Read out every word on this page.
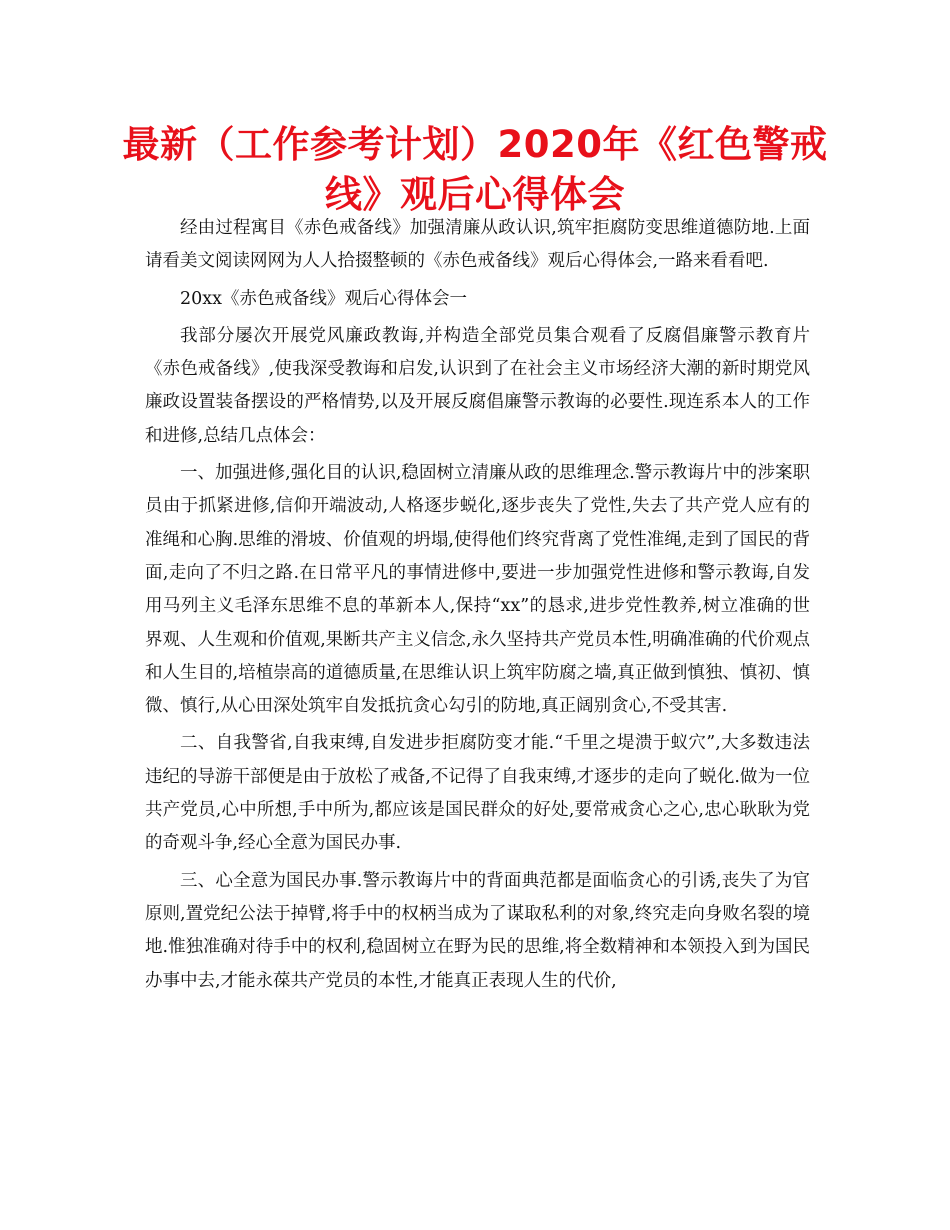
最新（工作参考计划）2020年《红色警戒线》观后心得体会

经由过程寓目《赤色戒备线》加强清廉从政认识,筑牢拒腐防变思维道德防地.上面请看美文阅读网网为人人拾掇整顿的《赤色戒备线》观后心得体会,一路来看看吧.

20xx《赤色戒备线》观后心得体会一

我部分屡次开展党风廉政教诲,并构造全部党员集合观看了反腐倡廉警示教育片《赤色戒备线》,使我深受教诲和启发,认识到了在社会主义市场经济大潮的新时期党风廉政设置装备摆设的严格情势,以及开展反腐倡廉警示教诲的必要性.现连系本人的工作和进修,总结几点体会：

一、加强进修,强化目的认识,稳固树立清廉从政的思维理念.警示教诲片中的涉案职员由于抓紧进修,信仰开端波动,人格逐步蜕化,逐步丧失了党性,失去了共产党人应有的准绳和心胸.思维的滑坡、价值观的坍塌,使得他们终究背离了党性准绳,走到了国民的背面,走向了不归之路.在日常平凡的事情进修中,要进一步加强党性进修和警示教诲,自发用马列主义毛泽东思维不息的革新本人,保持“xx”的恳求,进步党性教养,树立准确的世界观、人生观和价值观,果断共产主义信念,永久坚持共产党员本性,明确准确的代价观点和人生目的,培植崇高的道德质量,在思维认识上筑牢防腐之墙,真正做到慎独、慎初、慎微、慎行,从心田深处筑牢自发抵抗贪心勾引的防地,真正阔别贪心,不受其害.

二、自我警省,自我束缚,自发进步拒腐防变才能.“千里之堤溃于蚁穴”,大多数违法违纪的导游干部便是由于放松了戒备,不记得了自我束缚,才逐步的走向了蜕化.做为一位共产党员,心中所想,手中所为,都应该是国民群众的好处,要常戒贪心之心,忠心耿耿为党的奇观斗争,经心全意为国民办事.

三、心全意为国民办事.警示教诲片中的背面典范都是面临贪心的引诱,丧失了为官原则,置党纪公法于掉臂,将手中的权柄当成为了谋取私利的对象,终究走向身败名裂的境地.惟独准确对待手中的权利,稳固树立在野为民的思维,将全数精神和本领投入到为国民办事中去,才能永葆共产党员的本性,才能真正表现人生的代价,
